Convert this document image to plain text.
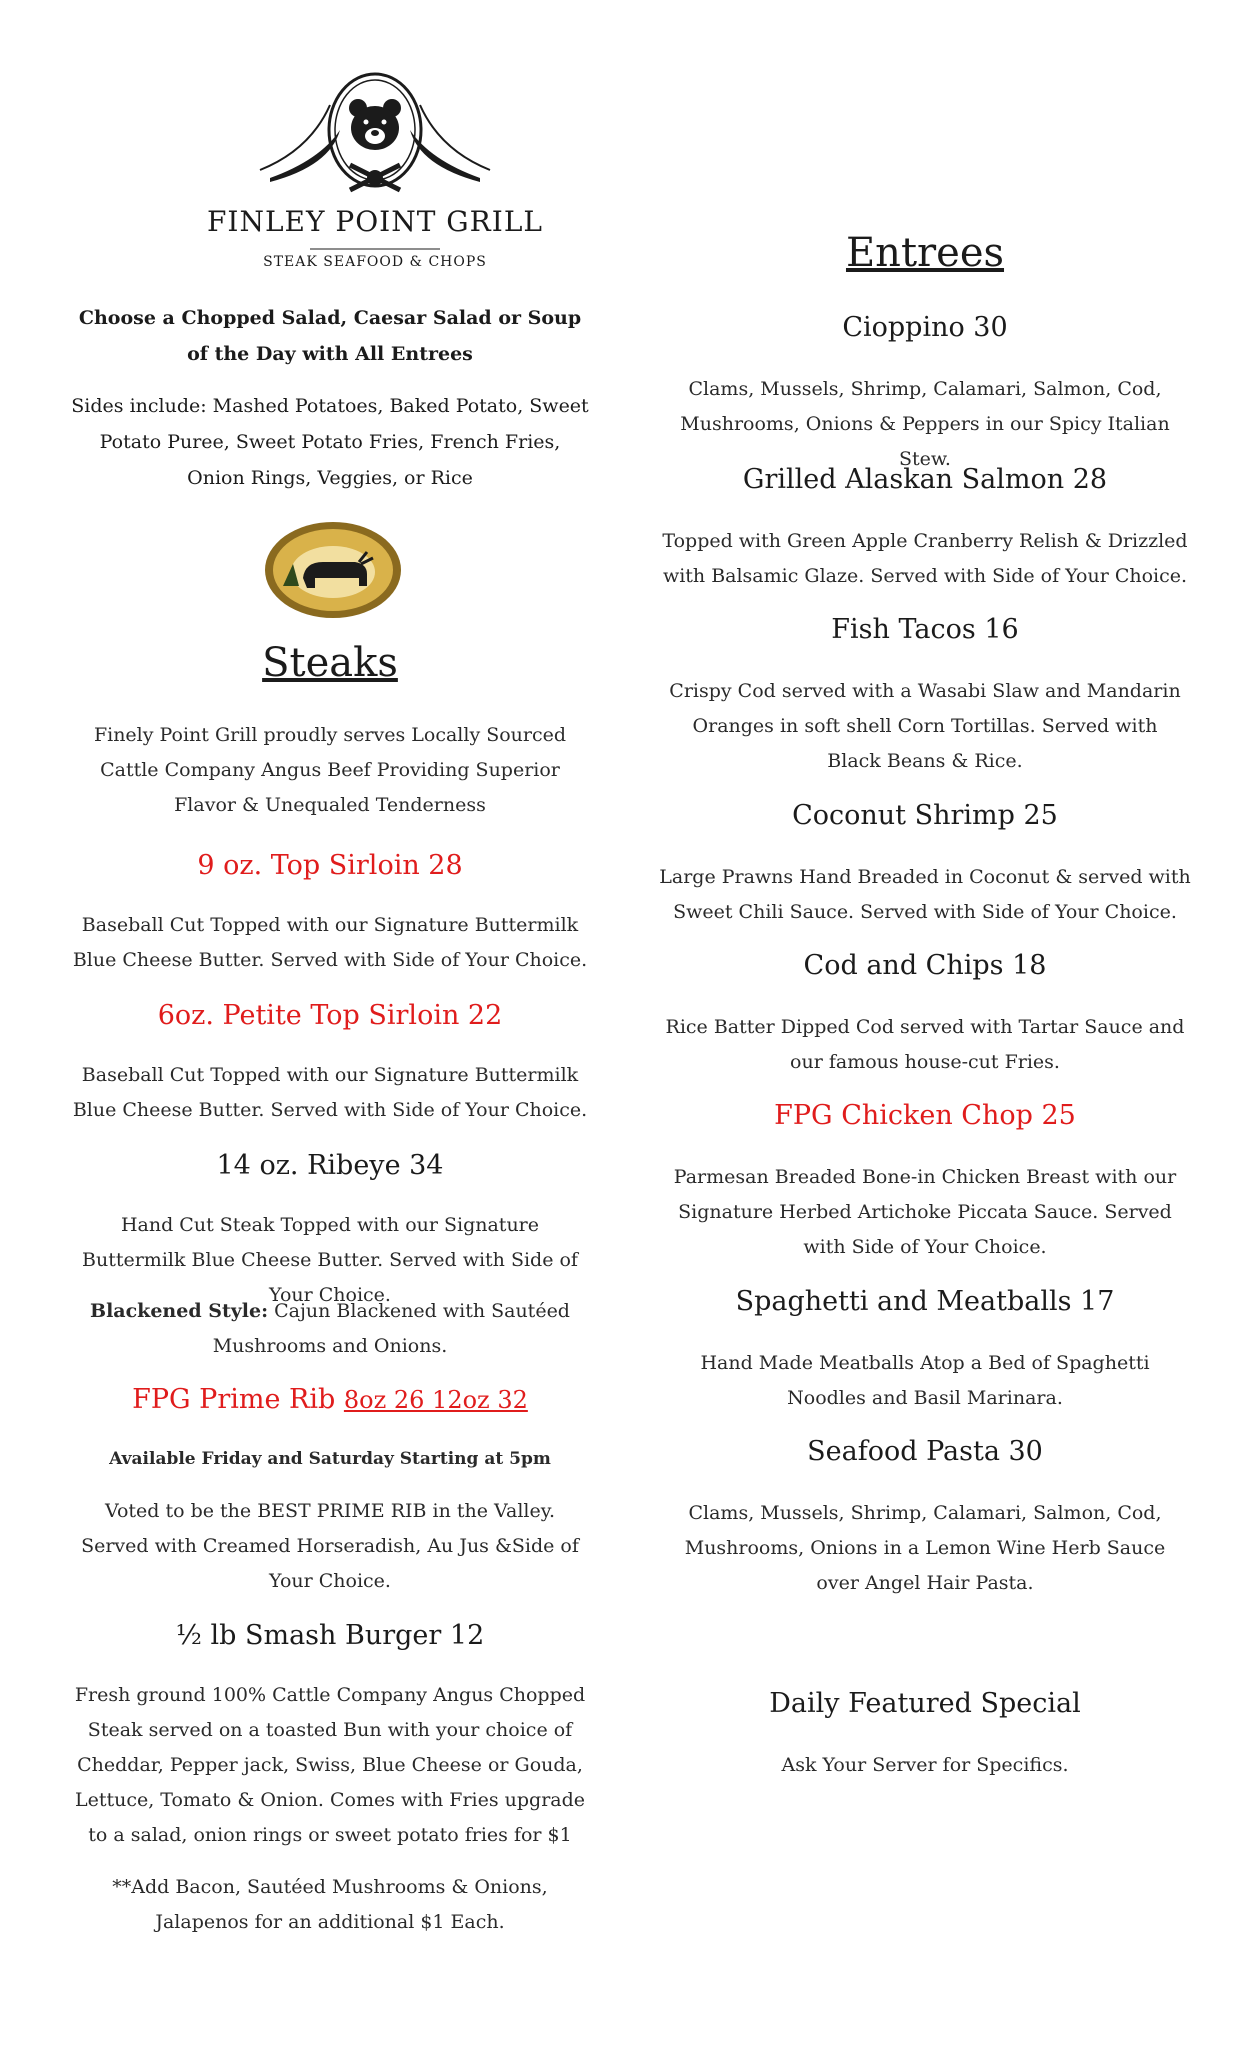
FINLEY POINT GRILL
STEAK SEAFOOD & CHOPS
Choose a Chopped Salad, Caesar Salad or Soup of the Day with All Entrees
Sides include: Mashed Potatoes, Baked Potato, Sweet Potato Puree, Sweet Potato Fries, French Fries, Onion Rings, Veggies, or Rice
Steaks
Finely Point Grill proudly serves Locally Sourced Cattle Company Angus Beef Providing Superior Flavor & Unequaled Tenderness
9 oz. Top Sirloin 28
Baseball Cut Topped with our Signature Buttermilk Blue Cheese Butter. Served with Side of Your Choice.
6oz. Petite Top Sirloin 22
Baseball Cut Topped with our Signature Buttermilk Blue Cheese Butter. Served with Side of Your Choice.
14 oz. Ribeye 34
Hand Cut Steak Topped with our Signature Buttermilk Blue Cheese Butter. Served with Side of Your Choice.
Blackened Style: Cajun Blackened with Sautéed Mushrooms and Onions.
FPG Prime Rib 8oz 26 12oz 32
Available Friday and Saturday Starting at 5pm
Voted to be the BEST PRIME RIB in the Valley. Served with Creamed Horseradish, Au Jus &Side of Your Choice.
½ lb Smash Burger 12
Fresh ground 100% Cattle Company Angus Chopped Steak served on a toasted Bun with your choice of Cheddar, Pepper jack, Swiss, Blue Cheese or Gouda, Lettuce, Tomato & Onion. Comes with Fries upgrade to a salad, onion rings or sweet potato fries for $1
**Add Bacon, Sautéed Mushrooms & Onions, Jalapenos for an additional $1 Each.
Entrees
Cioppino 30
Clams, Mussels, Shrimp, Calamari, Salmon, Cod, Mushrooms, Onions & Peppers in our Spicy Italian Stew.
Grilled Alaskan Salmon 28
Topped with Green Apple Cranberry Relish & Drizzled with Balsamic Glaze. Served with Side of Your Choice.
Fish Tacos 16
Crispy Cod served with a Wasabi Slaw and Mandarin Oranges in soft shell Corn Tortillas. Served with Black Beans & Rice.
Coconut Shrimp 25
Large Prawns Hand Breaded in Coconut & served with Sweet Chili Sauce. Served with Side of Your Choice.
Cod and Chips 18
Rice Batter Dipped Cod served with Tartar Sauce and our famous house-cut Fries.
FPG Chicken Chop 25
Parmesan Breaded Bone-in Chicken Breast with our Signature Herbed Artichoke Piccata Sauce. Served with Side of Your Choice.
Spaghetti and Meatballs 17
Hand Made Meatballs Atop a Bed of Spaghetti Noodles and Basil Marinara.
Seafood Pasta 30
Clams, Mussels, Shrimp, Calamari, Salmon, Cod, Mushrooms, Onions in a Lemon Wine Herb Sauce over Angel Hair Pasta.
Daily Featured Special
Ask Your Server for Specifics.
